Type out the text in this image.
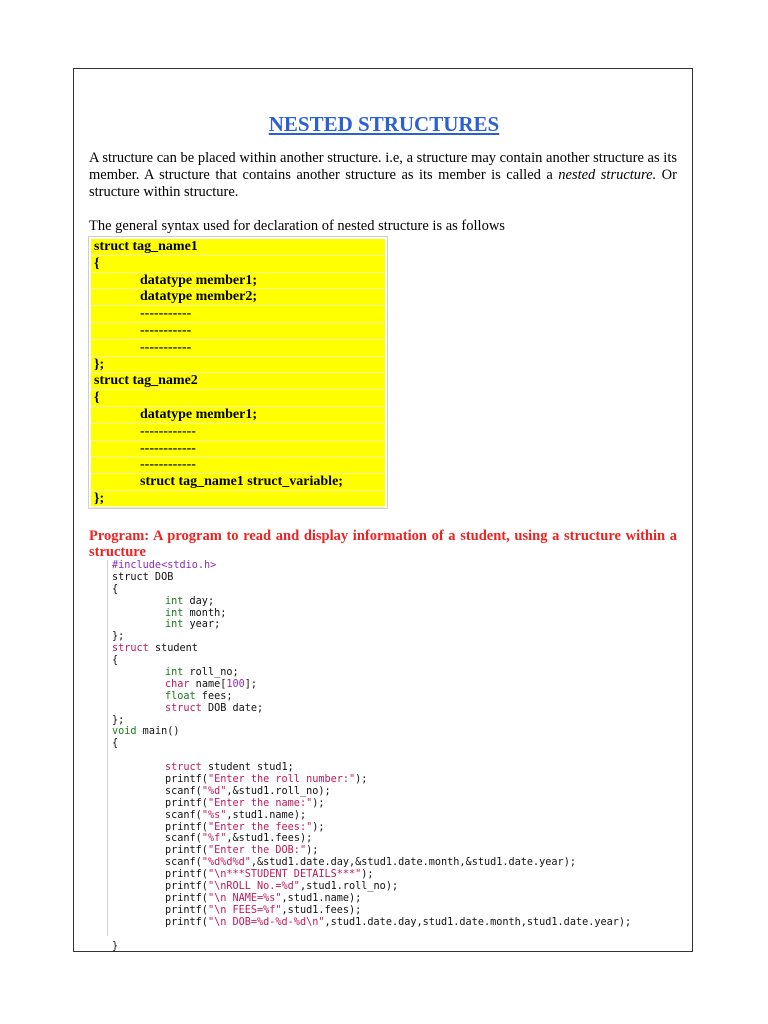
NESTED STRUCTURES

A structure can be placed within another structure. i.e, a structure may contain another structure as its member. A structure that contains another structure as its member is called a nested structure. Or structure within structure.

The general syntax used for declaration of nested structure is as follows

struct tag_name1
{
datatype member1;
datatype member2;
-----------
-----------
-----------
};
struct tag_name2
{
datatype member1;
------------
------------
------------
struct tag_name1 struct_variable;
};

Program: A program to read and display information of a student, using a structure within a structure

#include<stdio.h>
struct DOB
{
int day;
int month;
int year;
};
struct student
{
int roll_no;
char name[100];
float fees;
struct DOB date;
};
void main()
{

struct student stud1;
printf("Enter the roll number:");
scanf("%d",&stud1.roll_no);
printf("Enter the name:");
scanf("%s",stud1.name);
printf("Enter the fees:");
scanf("%f",&stud1.fees);
printf("Enter the DOB:");
scanf("%d%d%d",&stud1.date.day,&stud1.date.month,&stud1.date.year);
printf("\n***STUDENT DETAILS***");
printf("\nROLL No.=%d",stud1.roll_no);
printf("\n NAME=%s",stud1.name);
printf("\n FEES=%f",stud1.fees);
printf("\n DOB=%d-%d-%d\n",stud1.date.day,stud1.date.month,stud1.date.year);

}
